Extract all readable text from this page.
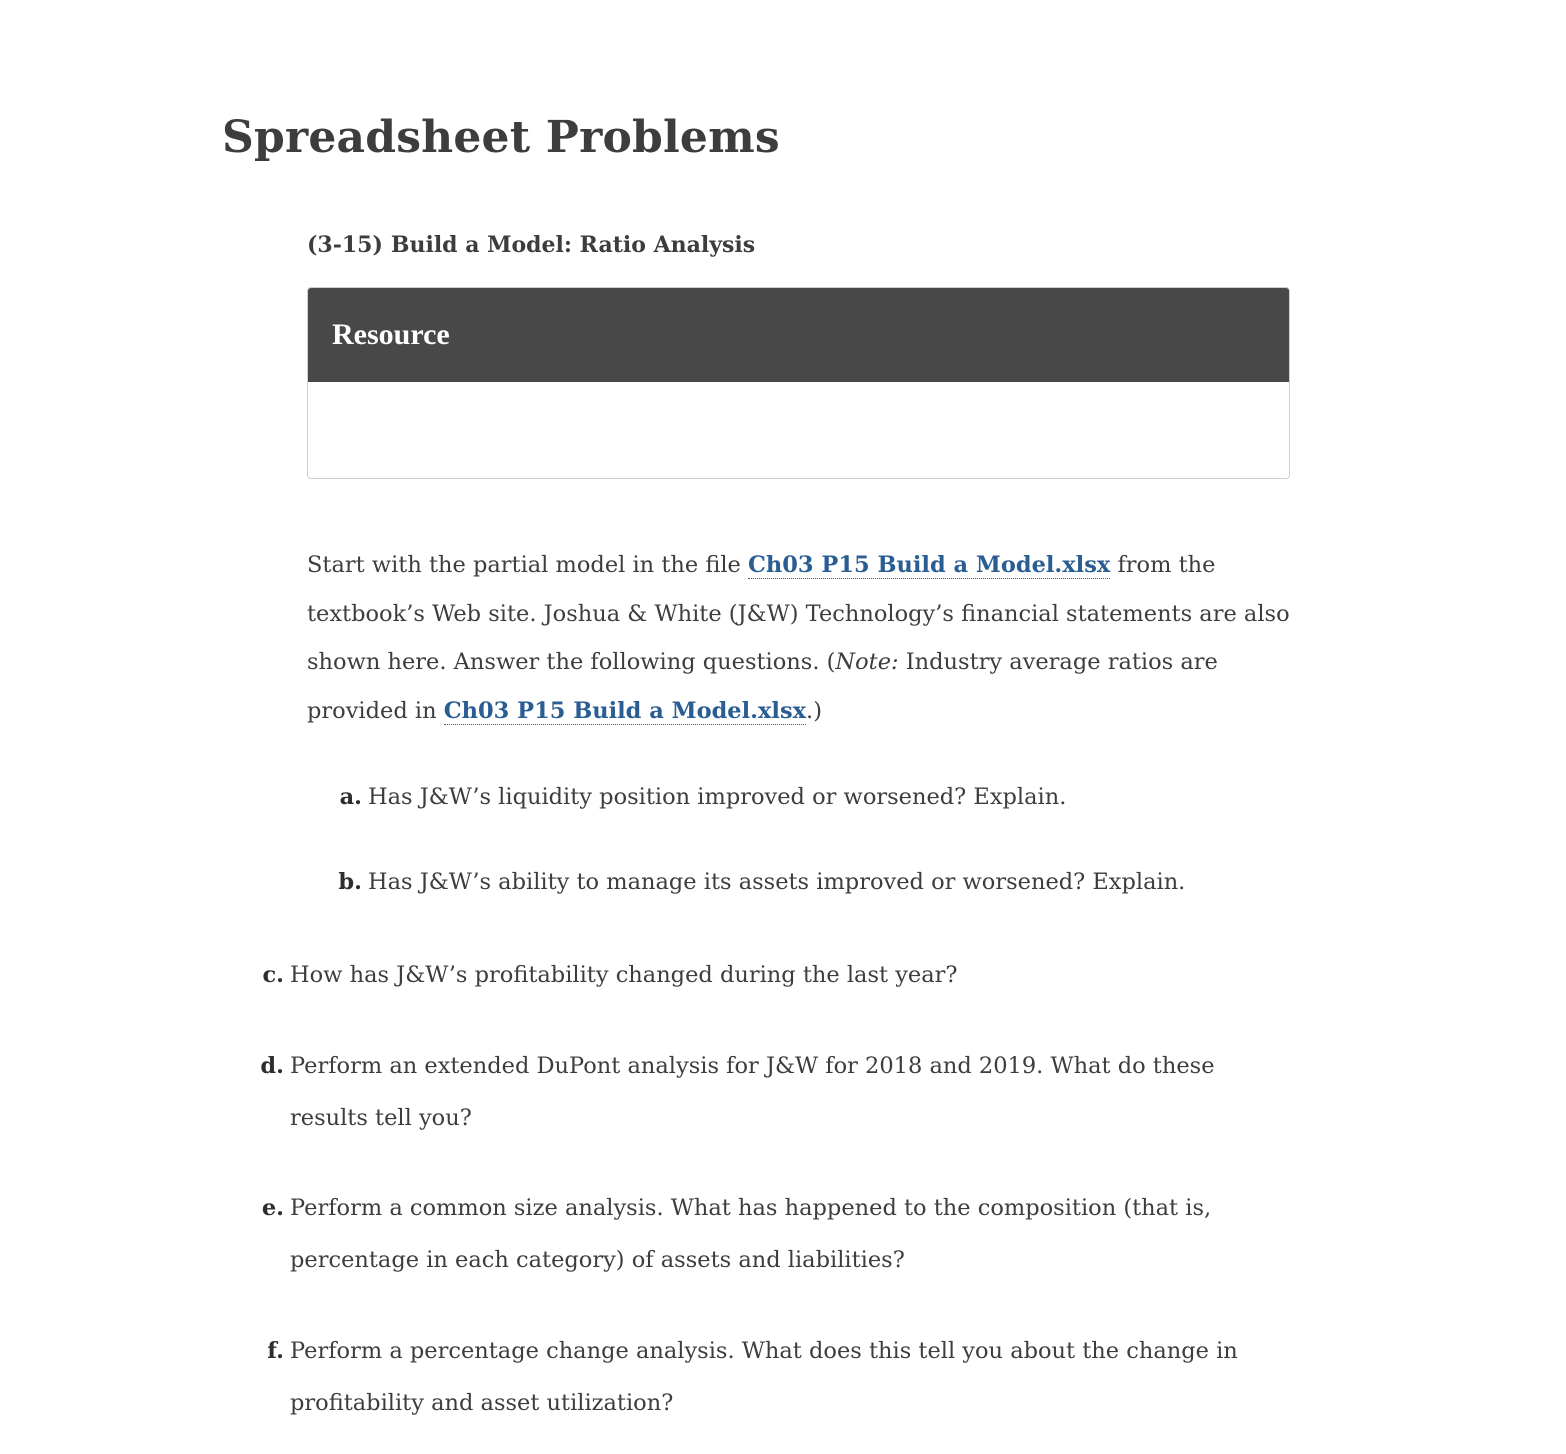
Spreadsheet Problems
(3-15) Build a Model: Ratio Analysis
Resource

Start with the partial model in the file Ch03 P15 Build a Model.xlsx from the textbook’s Web site. Joshua & White (J&W) Technology’s financial statements are also shown here. Answer the following questions. (Note: Industry average ratios are provided in Ch03 P15 Build a Model.xlsx.)

a. Has J&W’s liquidity position improved or worsened? Explain.

b. Has J&W’s ability to manage its assets improved or worsened? Explain.

c. How has J&W’s profitability changed during the last year?

d. Perform an extended DuPont analysis for J&W for 2018 and 2019. What do these results tell you?

e. Perform a common size analysis. What has happened to the composition (that is, percentage in each category) of assets and liabilities?

f. Perform a percentage change analysis. What does this tell you about the change in profitability and asset utilization?
